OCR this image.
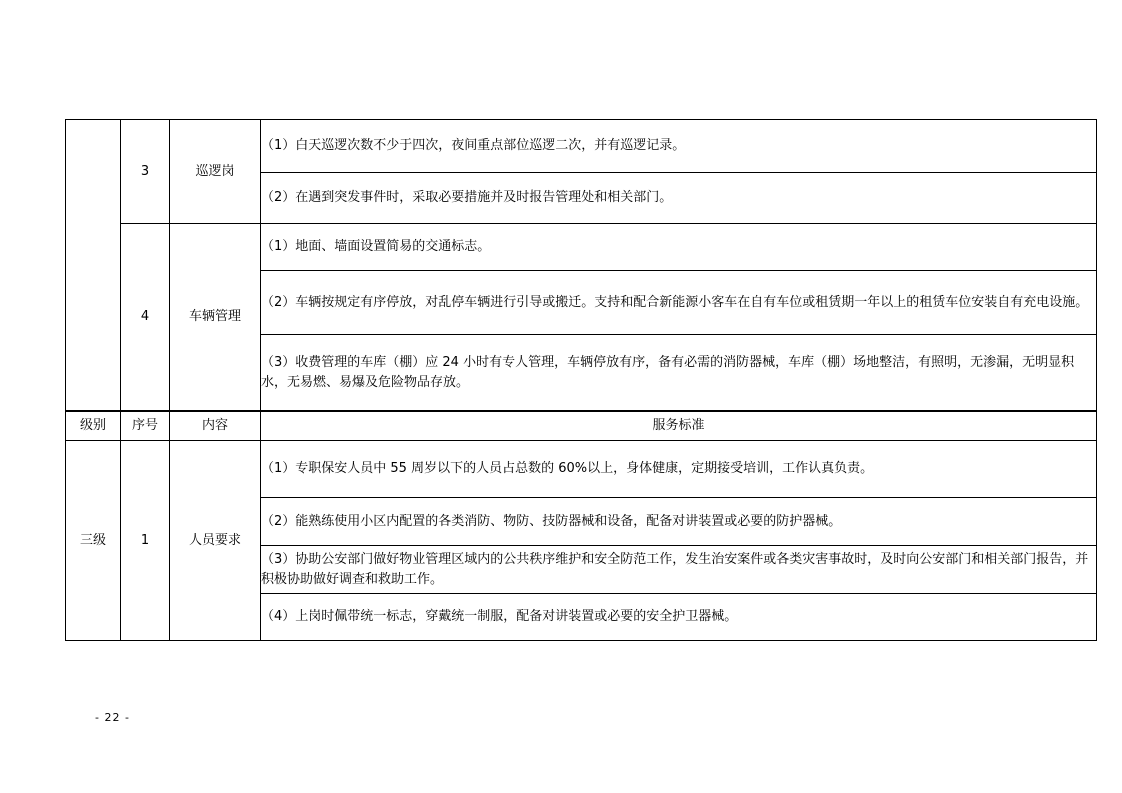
	3	巡逻岗	（1）白天巡逻次数不少于四次，夜间重点部位巡逻二次，并有巡逻记录。
			（2）在遇到突发事件时，采取必要措施并及时报告管理处和相关部门。
	4	车辆管理	（1）地面、墙面设置简易的交通标志。
			（2）车辆按规定有序停放，对乱停车辆进行引导或搬迁。支持和配合新能源小客车在自有车位或租赁期一年以上的租赁车位安装自有充电设施。
			（3）收费管理的车库（棚）应 24 小时有专人管理，车辆停放有序，备有必需的消防器械，车库（棚）场地整洁，有照明，无渗漏，无明显积水，无易燃、易爆及危险物品存放。
级别	序号	内容	服务标准
三级	1	人员要求	（1）专职保安人员中 55 周岁以下的人员占总数的 60%以上，身体健康，定期接受培训，工作认真负责。
			（2）能熟练使用小区内配置的各类消防、物防、技防器械和设备，配备对讲装置或必要的防护器械。
			（3）协助公安部门做好物业管理区域内的公共秩序维护和安全防范工作，发生治安案件或各类灾害事故时，及时向公安部门和相关部门报告，并积极协助做好调查和救助工作。
			（4）上岗时佩带统一标志，穿戴统一制服，配备对讲装置或必要的安全护卫器械。
- 22 -
